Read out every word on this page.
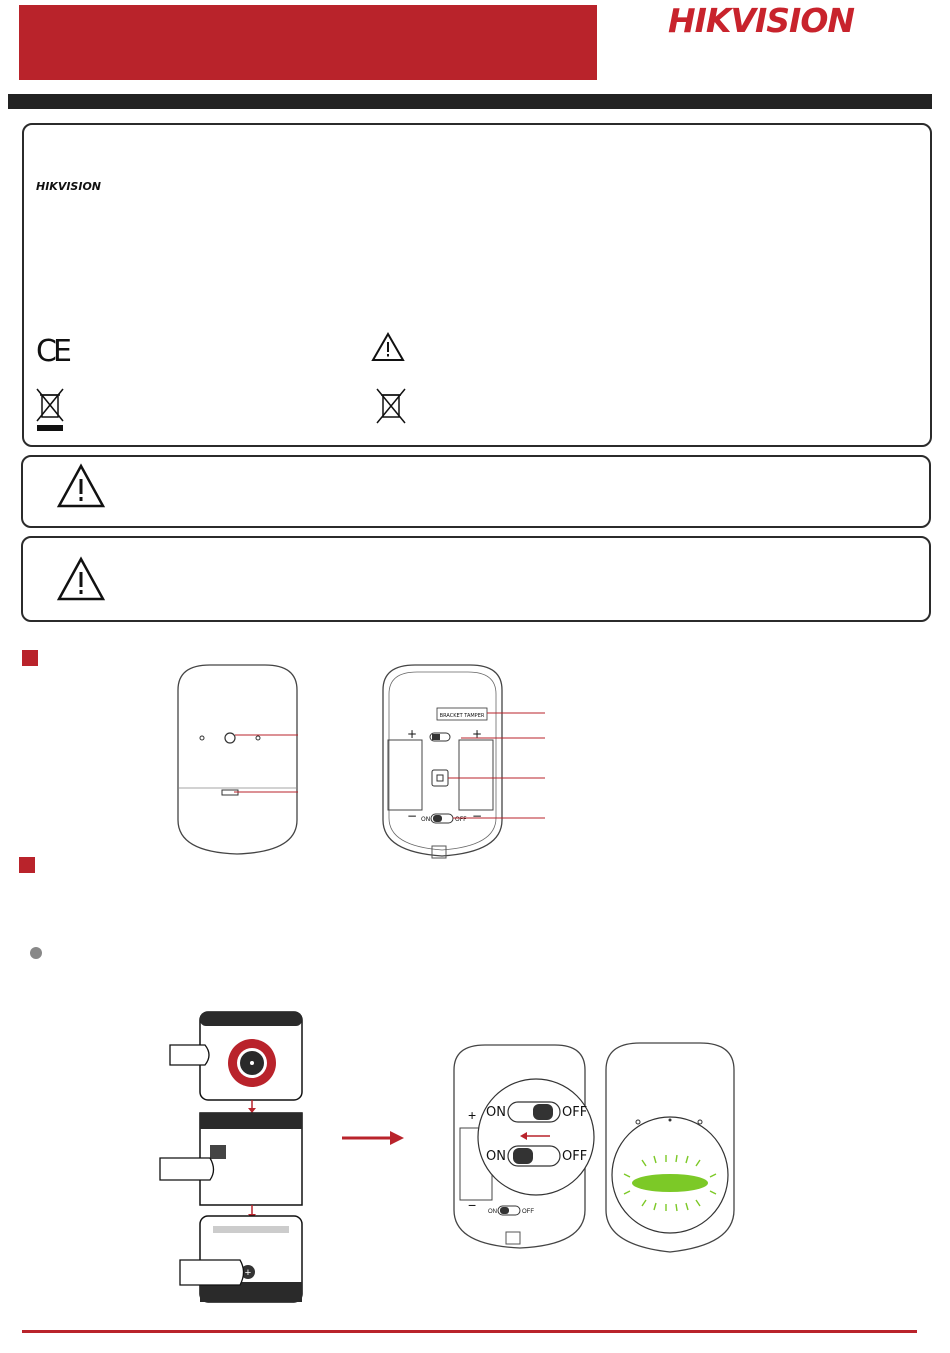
HIKVISION
HIKVISION
CE
BRACKET TAMPER
+	+
−	−
ON	OFF
+
+
−
ON	OFF
ON	OFF
ON	OFF
